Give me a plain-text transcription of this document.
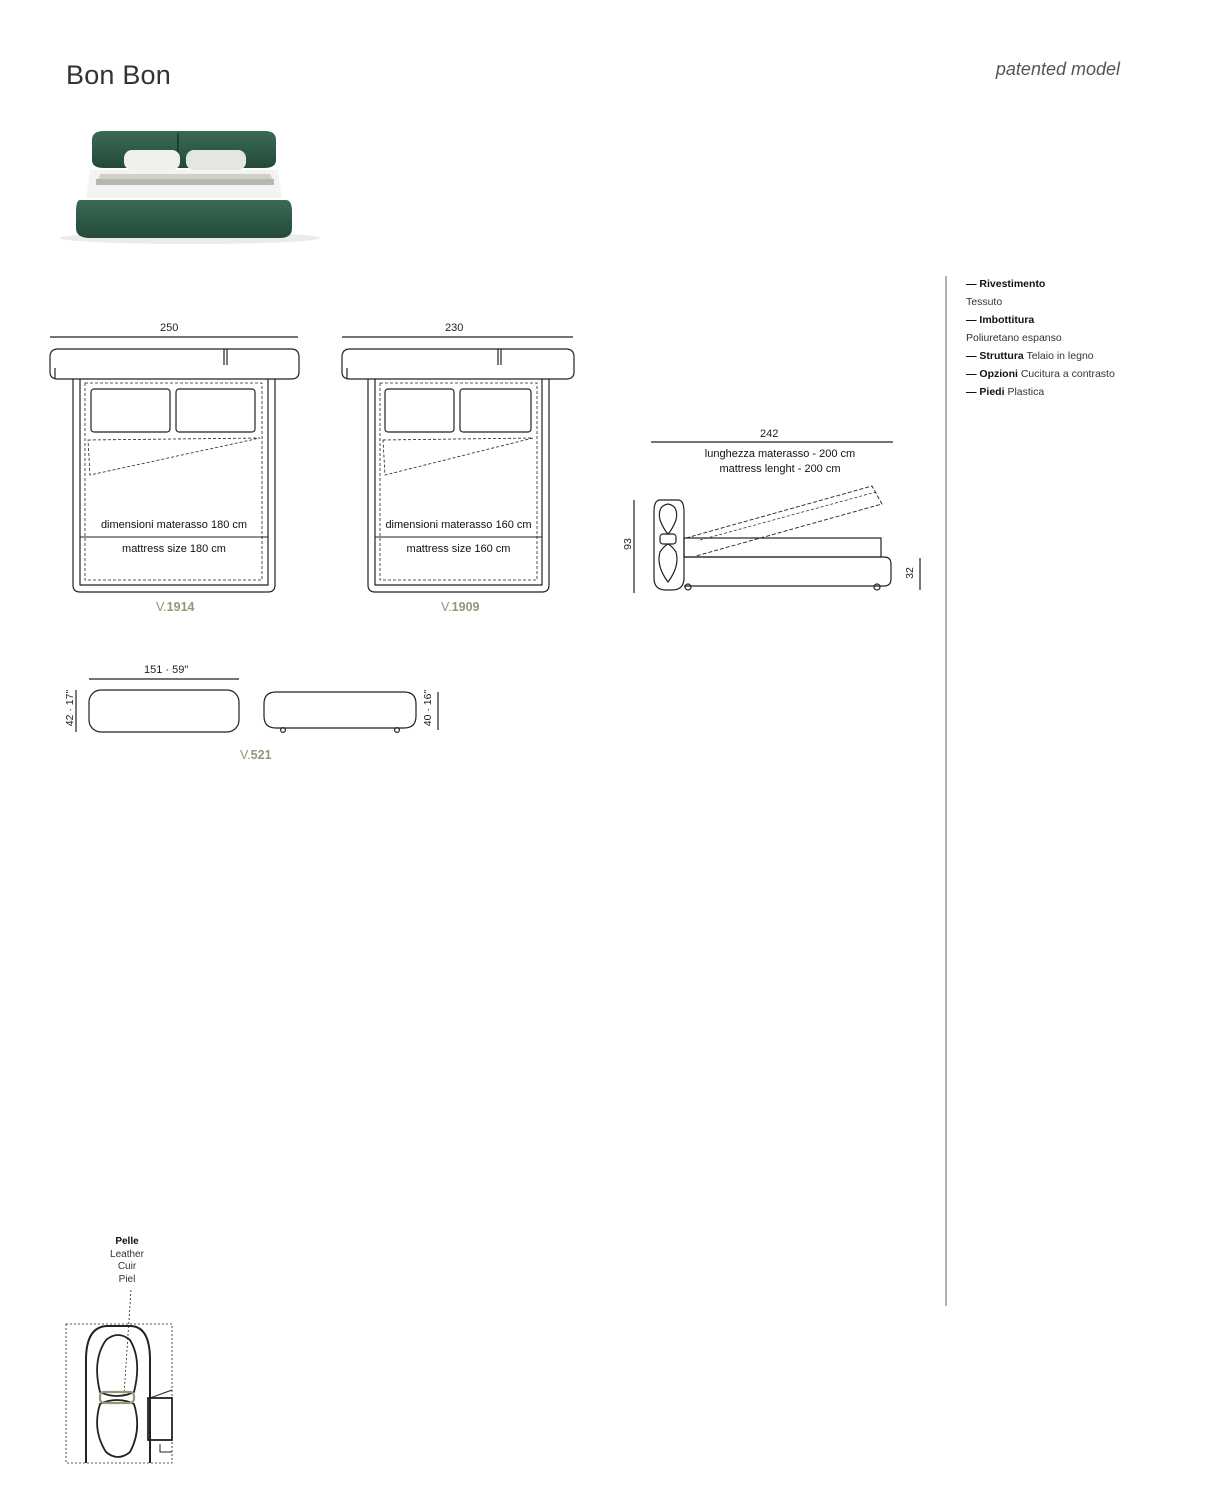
Bon Bon	patented model
250
dimensioni materasso 180 cm
mattress size 180 cm
V.1914
230
dimensioni materasso 160 cm
mattress size 160 cm
V.1909
242
lunghezza materasso - 200 cm
mattress lenght - 200 cm
93
32
151 · 59"
42 · 17"	40 · 16"
V.521
Pelle
Leather
Cuir
Piel
— Rivestimento
Tessuto
— Imbottitura
Poliuretano espanso
— Struttura Telaio in legno
— Opzioni Cucitura a contrasto
— Piedi Plastica
